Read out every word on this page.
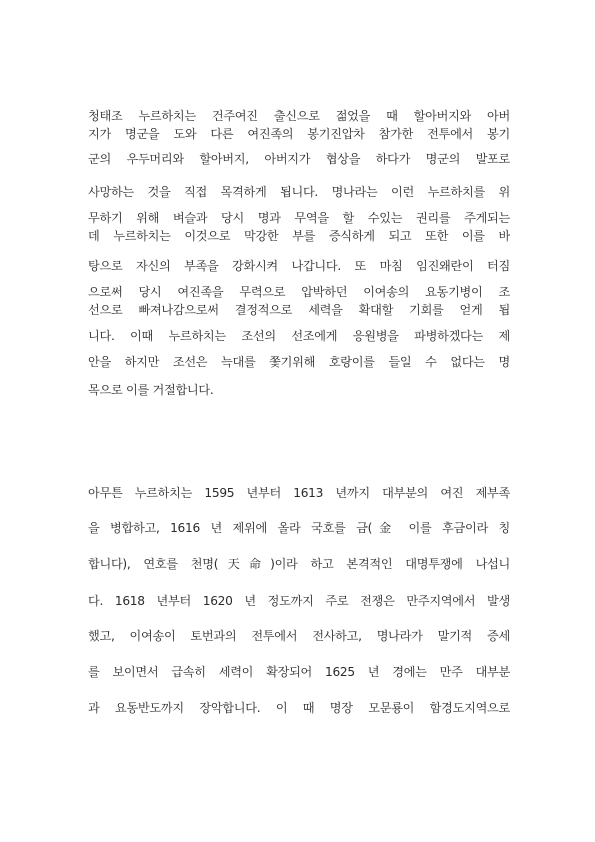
청태조 누르하치는 건주여진 출신으로 젊었을 때 할아버지와 아버
지가 명군을 도와 다른 여진족의 봉기진압차 참가한 전투에서 봉기
군의 우두머리와 할아버지, 아버지가 협상을 하다가 명군의 발포로
사망하는 것을 직접 목격하게 됩니다. 명나라는 이런 누르하치를 위
무하기 위해 벼슬과 당시 명과 무역을 할 수있는 권리를 주게되는
데 누르하치는 이것으로 막강한 부를 증식하게 되고 또한 이를 바
탕으로 자신의 부족을 강화시켜 나갑니다. 또 마침 임진왜란이 터짐
으로써 당시 여진족을 무력으로 압박하던 이여송의 요동기병이 조
선으로 빠져나감으로써 결정적으로 세력을 확대할 기회를 얻게 됩
니다. 이때 누르하치는 조선의 선조에게 응원병을 파병하겠다는 제
안을 하지만 조선은 늑대를 쫓기위해 호랑이를 들일 수 없다는 명
목으로 이를 거절합니다.
아무튼 누르하치는 1595 년부터 1613 년까지 대부분의 여진 제부족
을 병합하고, 1616 년 제위에 올라 국호를 금(金 이를 후금이라 칭
합니다), 연호를 천명(天命)이라 하고 본격적인 대명투쟁에 나섭니
다. 1618 년부터 1620 년 정도까지 주로 전쟁은 만주지역에서 발생
했고, 이여송이 토번과의 전투에서 전사하고, 명나라가 말기적 증세
를 보이면서 급속히 세력이 확장되어 1625 년 경에는 만주 대부분
과 요동반도까지 장악합니다. 이 때 명장 모문룡이 함경도지역으로
